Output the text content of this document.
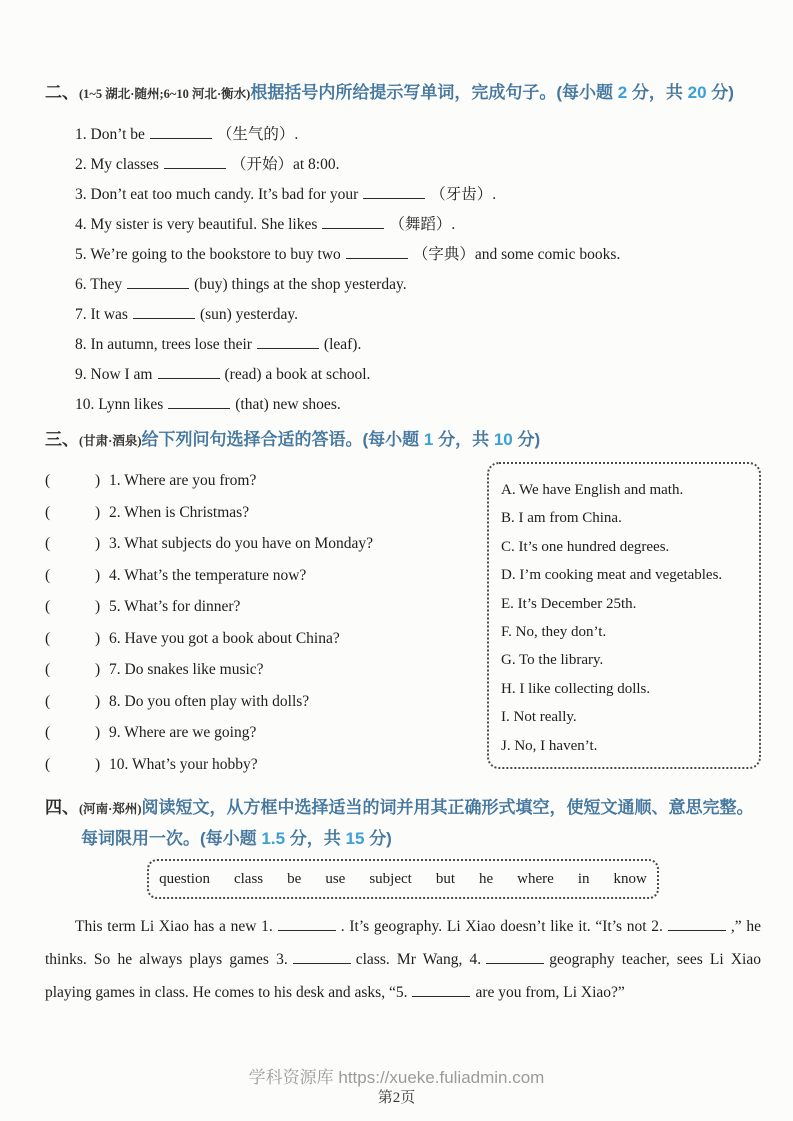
二、(1~5 湖北·随州;6~10 河北·衡水)根据括号内所给提示写单词，完成句子。(每小题 2 分，共 20 分)
1. Don’t be	（生气的）.
2. My classes	（开始）at 8:00.
3. Don’t eat too much candy. It’s bad for your	（牙齿）.
4. My sister is very beautiful. She likes	（舞蹈）.
5. We’re going to the bookstore to buy two	（字典）and some comic books.
6. They	(buy) things at the shop yesterday.
7. It was	(sun) yesterday.
8. In autumn, trees lose their	(leaf).
9. Now I am	(read) a book at school.
10. Lynn likes	(that) new shoes.
三、(甘肃·酒泉)给下列问句选择合适的答语。(每小题 1 分，共 10 分)
(	) 1. Where are you from?
(	) 2. When is Christmas?
(	) 3. What subjects do you have on Monday?
(	) 4. What’s the temperature now?
(	) 5. What’s for dinner?
(	) 6. Have you got a book about China?
(	) 7. Do snakes like music?
(	) 8. Do you often play with dolls?
(	) 9. Where are we going?
(	) 10. What’s your hobby?
A. We have English and math.
B. I am from China.
C. It’s one hundred degrees.
D. I’m cooking meat and vegetables.
E. It’s December 25th.
F. No, they don’t.
G. To the library.
H. I like collecting dolls.
I. Not really.
J. No, I haven’t.
四、(河南·郑州)阅读短文，从方框中选择适当的词并用其正确形式填空，使短文通顺、意思完整。每词限用一次。(每小题 1.5 分，共 15 分)
question class be use subject but he where in know

This term Li Xiao has a new 1.	. It’s geography. Li Xiao doesn’t like it. “It’s not 2.	,” he thinks. So he always plays games 3.	class. Mr Wang, 4.	geography teacher, sees Li Xiao playing games in class. He comes to his desk and asks, “5.	are you from, Li Xiao?”

学科资源库 https://xueke.fuliadmin.com
第2页
